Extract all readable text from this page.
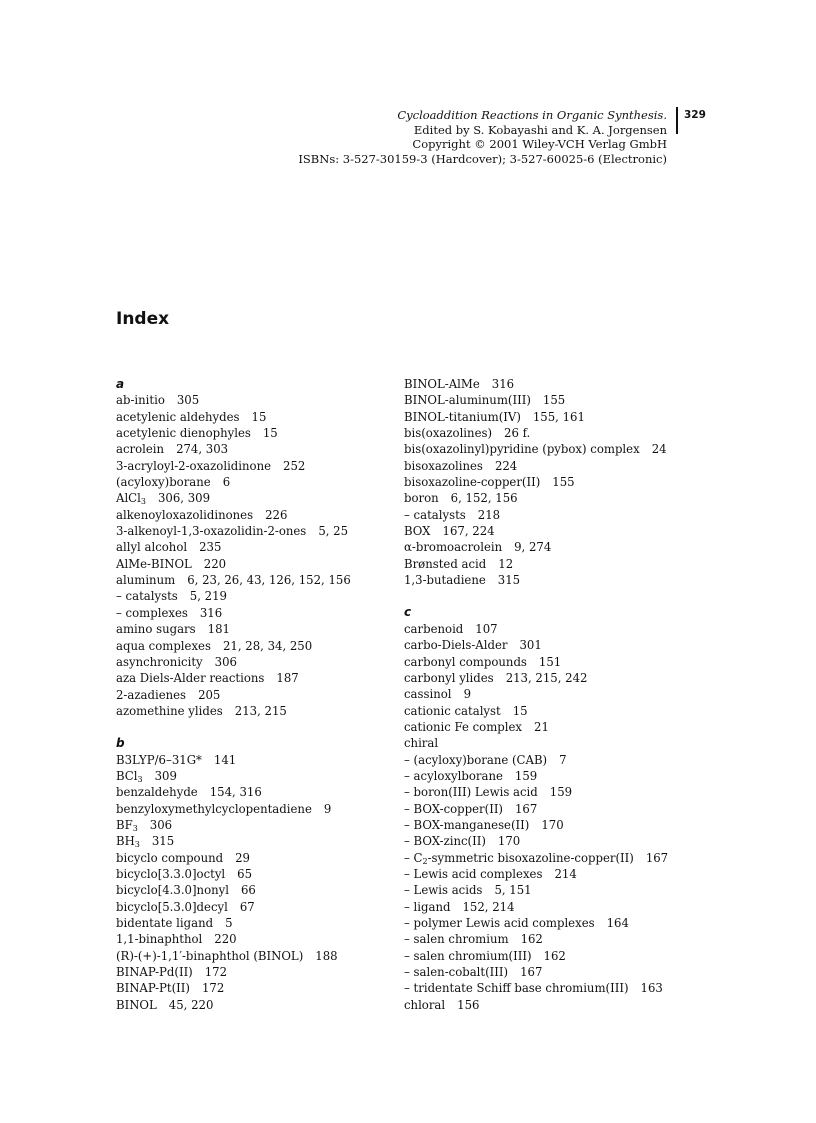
Cycloaddition Reactions in Organic Synthesis.
Edited by S. Kobayashi and K. A. Jorgensen
Copyright © 2001 Wiley-VCH Verlag GmbH
ISBNs: 3-527-30159-3 (Hardcover); 3-527-60025-6 (Electronic)
329
Index
a
ab-initio 305
acetylenic aldehydes 15
acetylenic dienophyles 15
acrolein 274, 303
3-acryloyl-2-oxazolidinone 252
(acyloxy)borane 6
AlCl$_3$ 306, 309
alkenoyloxazolidinones 226
3-alkenoyl-1,3-oxazolidin-2-ones 5, 25
allyl alcohol 235
AlMe-BINOL 220
aluminum 6, 23, 26, 43, 126, 152, 156
– catalysts 5, 219
– complexes 316
amino sugars 181
aqua complexes 21, 28, 34, 250
asynchronicity 306
aza Diels-Alder reactions 187
2-azadienes 205
azomethine ylides 213, 215
b
B3LYP/6–31G* 141
BCl$_3$ 309
benzaldehyde 154, 316
benzyloxymethylcyclopentadiene 9
$BF_3$ 306
$BH_3$ 315
bicyclo compound 29
bicyclo[3.3.0]octyl 65
bicyclo[4.3.0]nonyl 66
bicyclo[5.3.0]decyl 67
bidentate ligand 5
1,1-binaphthol 220
(R)-(+)-1,1′-binaphthol (BINOL) 188
BINAP-Pd(II) 172
BINAP-Pt(II) 172
BINOL 45, 220
BINOL-AlMe 316
BINOL-aluminum(III) 155
BINOL-titanium(IV) 155, 161
bis(oxazolines) 26 f.
bis(oxazolinyl)pyridine (pybox) complex 24
bisoxazolines 224
bisoxazoline-copper(II) 155
boron 6, 152, 156
– catalysts 218
BOX 167, 224
α-bromoacrolein 9, 274
Brønsted acid 12
1,3-butadiene 315
c
carbenoid 107
carbo-Diels-Alder 301
carbonyl compounds 151
carbonyl ylides 213, 215, 242
cassinol 9
cationic catalyst 15
cationic Fe complex 21
chiral
– (acyloxy)borane (CAB) 7
– acyloxylborane 159
– boron(III) Lewis acid 159
– BOX-copper(II) 167
– BOX-manganese(II) 170
– BOX-zinc(II) 170
– $C_2$-symmetric bisoxazoline-copper(II) 167
– Lewis acid complexes 214
– Lewis acids 5, 151
– ligand 152, 214
– polymer Lewis acid complexes 164
– salen chromium 162
– salen chromium(III) 162
– salen-cobalt(III) 167
– tridentate Schiff base chromium(III) 163
chloral 156
